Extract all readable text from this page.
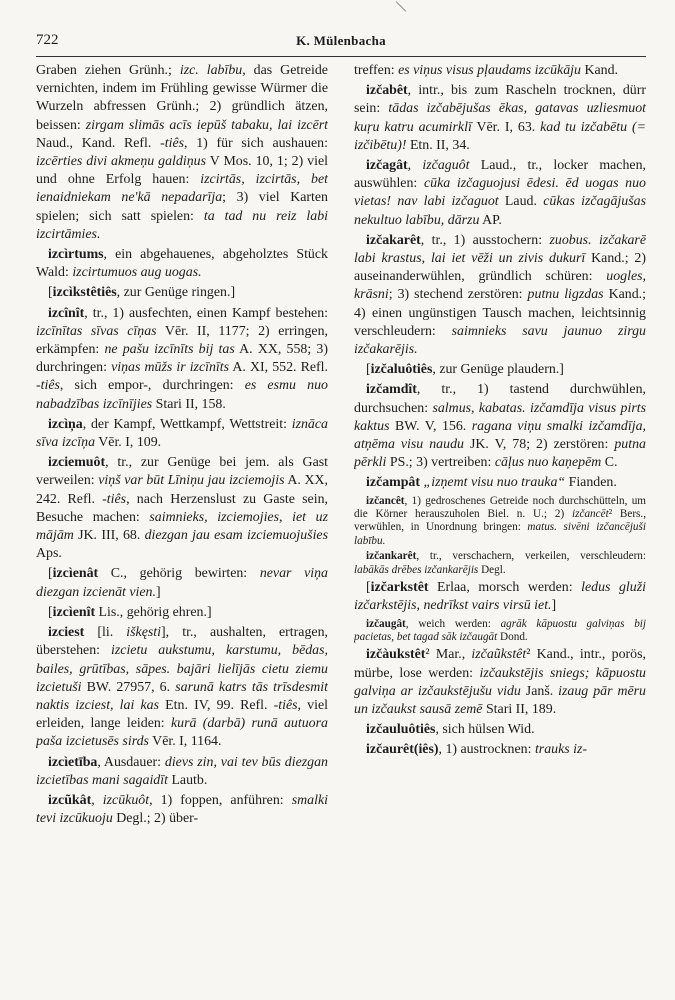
722	K. Mülenbacha

Graben ziehen Grünh.; izc. labību, das Getreide vernichten, indem im Frühling gewisse Würmer die Wurzeln abfressen Grünh.; 2) gründlich ätzen, beissen: zirgam slimās acīs iepūš tabaku, lai izcērt Naud., Kand. Refl. -tiês, 1) für sich aushauen: izcērties divi akmeņu galdiņus V Mos. 10, 1; 2) viel und ohne Erfolg hauen: izcirtās, izcirtās, bet ienaidniekam ne'kā nepadarīja; 3) viel Karten spielen; sich satt spielen: ta tad nu reiz labi izcirtāmies.

izcìrtums, ein abgehauenes, abgeholztes Stück Wald: izcirtumuos aug uogas.

[izcìkstêtiês, zur Genüge ringen.]

izcînît, tr., 1) ausfechten, einen Kampf bestehen: izcīnītas sīvas cīņas Vēr. II, 1177; 2) erringen, erkämpfen: ne pašu izcīnīts bij tas A. XX, 558; 3) durchringen: viņas mūžs ir izcīnīts A. XI, 552. Refl. -tiês, sich empor-, durchringen: es esmu nuo nabadzības izcīnījies Stari II, 158.

izcìņa, der Kampf, Wettkampf, Wettstreit: iznāca sīva izcīņa Vēr. I, 109.

izciemuôt, tr., zur Genüge bei jem. als Gast verweilen: viņš var būt Līniņu jau izciemojis A. XX, 242. Refl. -tiês, nach Herzenslust zu Gaste sein, Besuche machen: saimnieks, izciemojies, iet uz mājām JK. III, 68. diezgan jau esam izciemuojušies Aps.

[izcìenât C., gehörig bewirten: nevar viņa diezgan izcienāt vien.]

[izcìenît Lis., gehörig ehren.]

izciest [li. iškęsti], tr., aushalten, ertragen, überstehen: izcietu aukstumu, karstumu, bēdas, bailes, grūtības, sāpes. bajāri lielījās cietu ziemu izcietuši BW. 27957, 6. sarunā katrs tās trīsdesmit naktis izciest, lai kas Etn. IV, 99. Refl. -tiês, viel erleiden, lange leiden: kurā (darbā) runā autuora paša izcietusēs sirds Vēr. I, 1164.

izcìetība, Ausdauer: dievs zin, vai tev būs diezgan izcietības mani sagaidīt Lautb.

izcũkât, izcūkuôt, 1) foppen, anführen: smalki tevi izcūkuoju Degl.; 2) über-

treffen: es viņus visus pļaudams izcūkāju Kand.

izčabêt, intr., bis zum Rascheln trocknen, dürr sein: tādas izčabējušas ēkas, gatavas uzliesmuot kuŗu katru acumirklī Vēr. I, 63. kad tu izčabētu (= izčibētu)! Etn. II, 34.

izčagât, izčaguôt Laud., tr., locker machen, auswühlen: cūka izčaguojusi ēdesi. ēd uogas nuo vietas! nav labi izčaguot Laud. cūkas izčagājušas nekultuo labību, dārzu AP.

izčakarêt, tr., 1) ausstochern: zuobus. izčakarē labi krastus, lai iet vēži un zivis dukurī Kand.; 2) auseinanderwühlen, gründlich schüren: uogles, krāsni; 3) stechend zerstören: putnu ligzdas Kand.; 4) einen ungünstigen Tausch machen, leichtsinnig verschleudern: saimnieks savu jaunuo zirgu izčakarējis.

[izčaluôtiês, zur Genüge plaudern.]

izčamdît, tr., 1) tastend durchwühlen, durchsuchen: salmus, kabatas. izčamdīja visus pirts kaktus BW. V, 156. ragana viņu smalki izčamdīja, atņēma visu naudu JK. V, 78; 2) zerstören: putna pērkli PS.; 3) vertreiben: cāļus nuo kaņepēm C.

izčampât „izņemt visu nuo trauka“ Fianden.

izčancêt, 1) gedroschenes Getreide noch durchschütteln, um die Körner herauszuholen Biel. n. U.; 2) izčancēt² Bers., verwühlen, in Unordnung bringen: matus. sivēni izčancējuši labību.

izčankarêt, tr., verschachern, verkeilen, verschleudern: labākās drēbes izčankarējis Degl.

[izčarkstêt Erlaa, morsch werden: ledus gluži izčarkstējis, nedrīkst vairs virsū iet.]

izčaugât, weich werden: agrāk kāpuostu galviņas bij pacietas, bet tagad sāk izčaugāt Dond.

izčàukstêt² Mar., izčaũkstêt² Kand., intr., porös, mürbe, lose werden: izčaukstējis sniegs; kāpuostu galviņa ar izčaukstējušu vidu Janš. izaug pār mēru un izčaukst sausā zemē Stari II, 189.

izčauluôtiês, sich hülsen Wid.

izčaurêt(iês), 1) austrocknen: trauks iz-
